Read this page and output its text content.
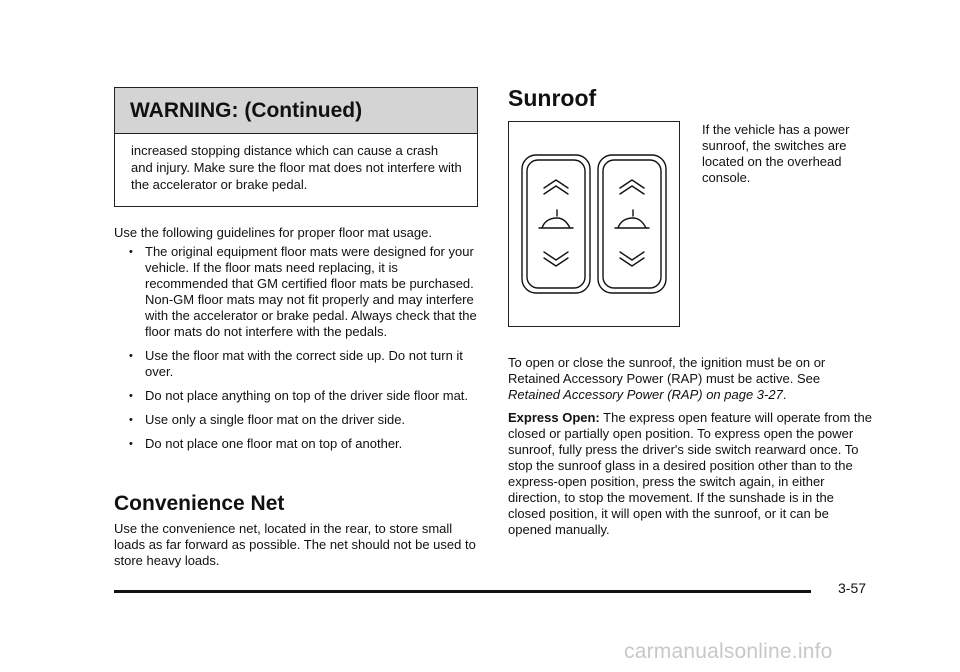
WARNING: (Continued)
increased stopping distance which can cause a crash and injury. Make sure the floor mat does not interfere with the accelerator or brake pedal.
Use the following guidelines for proper floor mat usage.
• The original equipment floor mats were designed for your vehicle. If the floor mats need replacing, it is recommended that GM certified floor mats be purchased. Non-GM floor mats may not fit properly and may interfere with the accelerator or brake pedal. Always check that the floor mats do not interfere with the pedals.
• Use the floor mat with the correct side up. Do not turn it over.
• Do not place anything on top of the driver side floor mat.
• Use only a single floor mat on the driver side.
• Do not place one floor mat on top of another.
Convenience Net
Use the convenience net, located in the rear, to store small loads as far forward as possible. The net should not be used to store heavy loads.
Sunroof
If the vehicle has a power sunroof, the switches are located on the overhead console.
To open or close the sunroof, the ignition must be on or Retained Accessory Power (RAP) must be active. See
Retained Accessory Power (RAP) on page 3-27.
Express Open: The express open feature will operate from the closed or partially open position. To express open the power sunroof, fully press the driver's side switch rearward once. To stop the sunroof glass in a desired position other than to the express-open position, press the switch again, in either direction, to stop the movement. If the sunshade is in the closed position, it will open with the sunroof, or it can be opened manually.
3-57
carmanualsonline.info
